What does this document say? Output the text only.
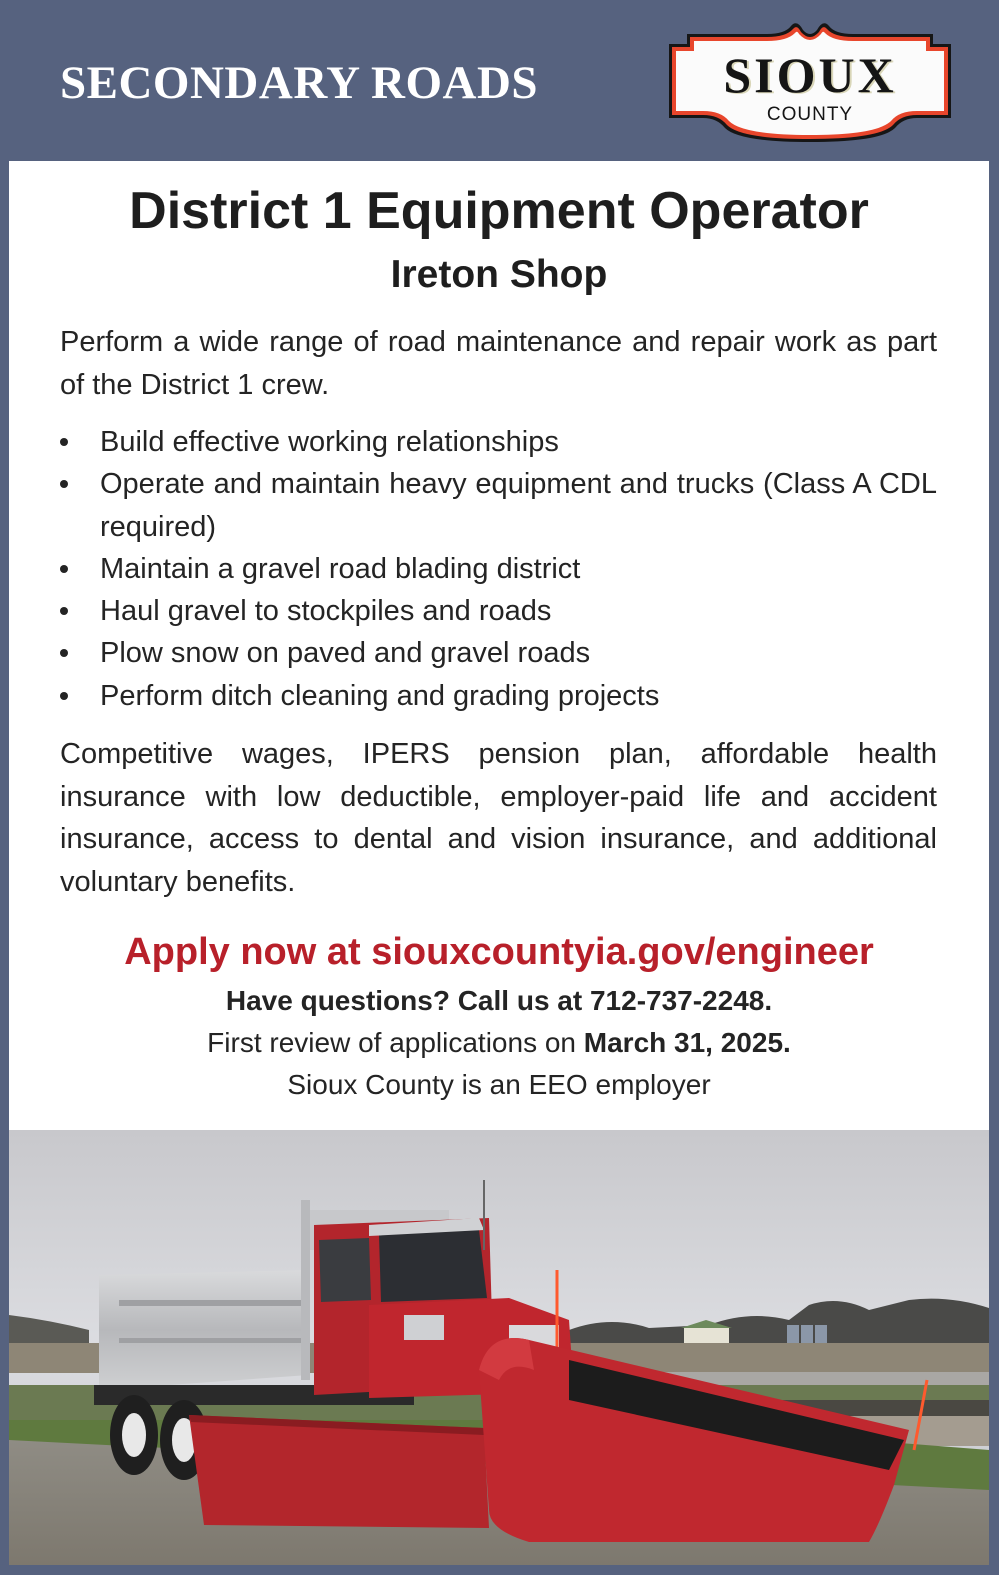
SECONDARY ROADS	SIOUX
COUNTY
District 1 Equipment Operator
Ireton Shop
Perform a wide range of road maintenance and repair work as part of the District 1 crew.
Build effective working relationships
Operate and maintain heavy equipment and trucks (Class A CDL required)
Maintain a gravel road blading district
Haul gravel to stockpiles and roads
Plow snow on paved and gravel roads
Perform ditch cleaning and grading projects
Competitive wages, IPERS pension plan, affordable health insurance with low deductible, employer-paid life and accident insurance, access to dental and vision insurance, and additional voluntary benefits.
Apply now at siouxcountyia.gov/engineer
Have questions? Call us at 712-737-2248.
First review of applications on March 31, 2025.
Sioux County is an EEO employer
